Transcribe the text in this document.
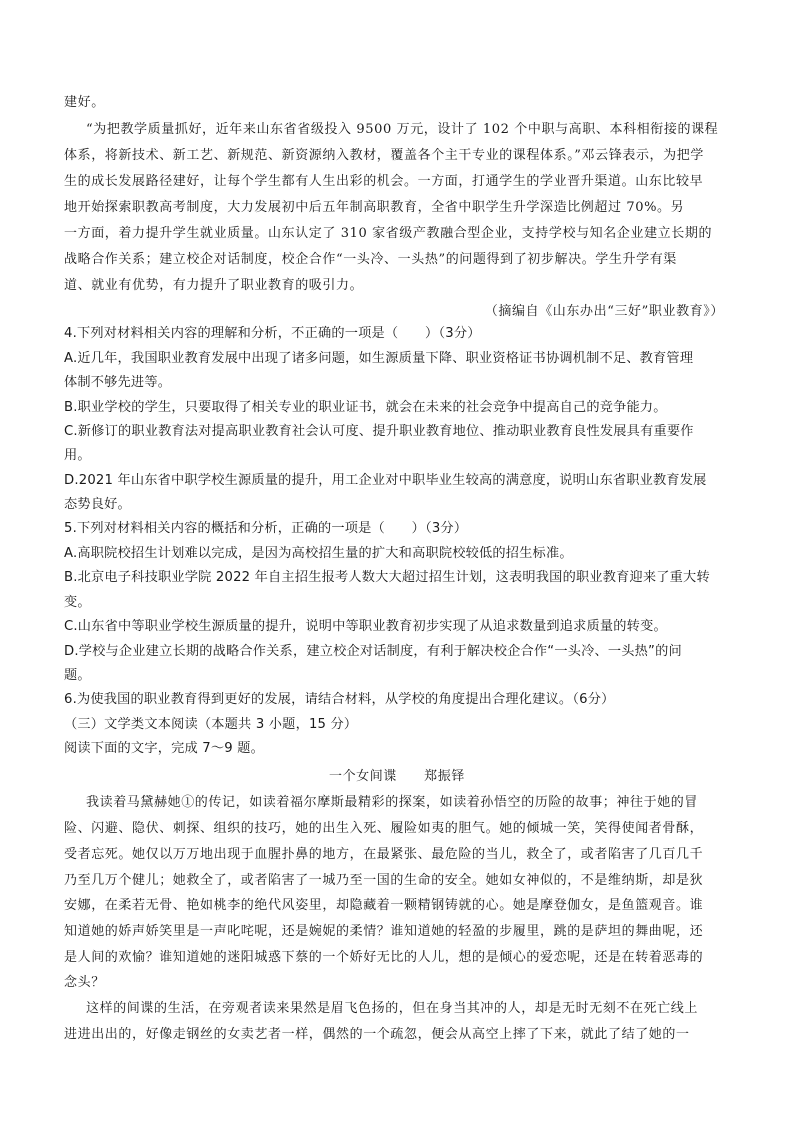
建好。
“为把教学质量抓好，近年来山东省省级投入 9500 万元，设计了 102 个中职与高职、本科相衔接的课程
体系，将新技术、新工艺、新规范、新资源纳入教材，覆盖各个主干专业的课程体系。”邓云锋表示，为把学
生的成长发展路径建好，让每个学生都有人生出彩的机会。一方面，打通学生的学业晋升渠道。山东比较早
地开始探索职教高考制度，大力发展初中后五年制高职教育，全省中职学生升学深造比例超过 70%。另
一方面，着力提升学生就业质量。山东认定了 310 家省级产教融合型企业，支持学校与知名企业建立长期的
战略合作关系；建立校企对话制度，校企合作“一头冷、一头热”的问题得到了初步解决。学生升学有渠
道、就业有优势，有力提升了职业教育的吸引力。
（摘编自《山东办出“三好”职业教育》）
4.下列对材料相关内容的理解和分析，不正确的一项是（　　）（3分）
A.近几年，我国职业教育发展中出现了诸多问题，如生源质量下降、职业资格证书协调机制不足、教育管理
体制不够先进等。
B.职业学校的学生，只要取得了相关专业的职业证书，就会在未来的社会竞争中提高自己的竞争能力。
C.新修订的职业教育法对提高职业教育社会认可度、提升职业教育地位、推动职业教育良性发展具有重要作
用。
D.2021 年山东省中职学校生源质量的提升，用工企业对中职毕业生较高的满意度，说明山东省职业教育发展
态势良好。
5.下列对材料相关内容的概括和分析，正确的一项是（　　）（3分）
A.高职院校招生计划难以完成，是因为高校招生量的扩大和高职院校较低的招生标准。
B.北京电子科技职业学院 2022 年自主招生报考人数大大超过招生计划，这表明我国的职业教育迎来了重大转
变。
C.山东省中等职业学校生源质量的提升，说明中等职业教育初步实现了从追求数量到追求质量的转变。
D.学校与企业建立长期的战略合作关系，建立校企对话制度，有利于解决校企合作“一头冷、一头热”的问
题。
6.为使我国的职业教育得到更好的发展，请结合材料，从学校的角度提出合理化建议。（6分）
（三）文学类文本阅读（本题共 3 小题，15 分）
阅读下面的文字，完成 7～9 题。
一个女间谍　　郑振铎
我读着马黛赫她①的传记，如读着福尔摩斯最精彩的探案，如读着孙悟空的历险的故事；神往于她的冒
险、闪避、隐伏、刺探、组织的技巧，她的出生入死、履险如夷的胆气。她的倾城一笑，笑得使闻者骨酥，
受者忘死。她仅以万万地出现于血腥扑鼻的地方，在最紧张、最危险的当儿，救全了，或者陷害了几百几千
乃至几万个健儿；她救全了，或者陷害了一城乃至一国的生命的安全。她如女神似的，不是维纳斯，却是狄
安娜，在柔若无骨、艳如桃李的绝代风姿里，却隐藏着一颗精钢铸就的心。她是摩登伽女，是鱼篮观音。谁
知道她的娇声娇笑里是一声叱咤呢，还是婉妮的柔情？谁知道她的轻盈的步履里，跳的是萨坦的舞曲呢，还
是人间的欢愉？谁知道她的迷阳城惑下蔡的一个娇好无比的人儿，想的是倾心的爱恋呢，还是在转着恶毒的
念头？
这样的间谍的生活，在旁观者读来果然是眉飞色扬的，但在身当其冲的人，却是无时无刻不在死亡线上
进进出出的，好像走钢丝的女卖艺者一样，偶然的一个疏忽，便会从高空上摔了下来，就此了结了她的一
